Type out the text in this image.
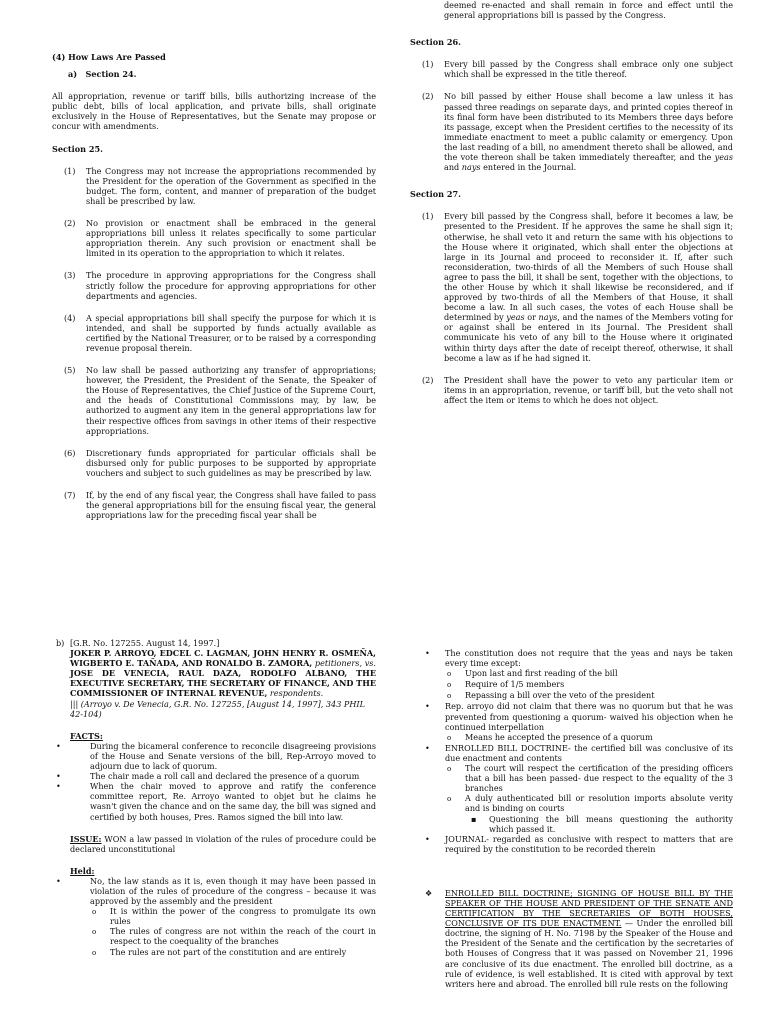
(4) How Laws Are Passed

a)   Section 24.

All appropriation, revenue or tariff bills, bills authorizing increase of the public debt, bills of local application, and private bills, shall originate exclusively in the House of Representatives, but the Senate may propose or concur with amendments.

Section 25.

(1)	The Congress may not increase the appropriations recommended by the President for the operation of the Government as specified in the budget. The form, content, and manner of preparation of the budget shall be prescribed by law.
(2)	No provision or enactment shall be embraced in the general appropriations bill unless it relates specifically to some particular appropriation therein. Any such provision or enactment shall be limited in its operation to the appropriation to which it relates.
(3)	The procedure in approving appropriations for the Congress shall strictly follow the procedure for approving appropriations for other departments and agencies.
(4)	A special appropriations bill shall specify the purpose for which it is intended, and shall be supported by funds actually available as certified by the National Treasurer, or to be raised by a corresponding revenue proposal therein.
(5)	No law shall be passed authorizing any transfer of appropriations; however, the President, the President of the Senate, the Speaker of the House of Representatives, the Chief Justice of the Supreme Court, and the heads of Constitutional Commissions may, by law, be authorized to augment any item in the general appropriations law for their respective offices from savings in other items of their respective appropriations.
(6)	Discretionary funds appropriated for particular officials shall be disbursed only for public purposes to be supported by appropriate vouchers and subject to such guidelines as may be prescribed by law.
(7)	If, by the end of any fiscal year, the Congress shall have failed to pass the general appropriations bill for the ensuing fiscal year, the general appropriations law for the preceding fiscal year shall be

deemed re-enacted and shall remain in force and effect until the general appropriations bill is passed by the Congress.

Section 26.

(1)	Every bill passed by the Congress shall embrace only one subject which shall be expressed in the title thereof.
(2)	No bill passed by either House shall become a law unless it has passed three readings on separate days, and printed copies thereof in its final form have been distributed to its Members three days before its passage, except when the President certifies to the necessity of its immediate enactment to meet a public calamity or emergency. Upon the last reading of a bill, no amendment thereto shall be allowed, and the vote thereon shall be taken immediately thereafter, and the yeas and nays entered in the Journal.

Section 27.

(1)	Every bill passed by the Congress shall, before it becomes a law, be presented to the President. If he approves the same he shall sign it; otherwise, he shall veto it and return the same with his objections to the House where it originated, which shall enter the objections at large in its Journal and proceed to reconsider it. If, after such reconsideration, two-thirds of all the Members of such House shall agree to pass the bill, it shall be sent, together with the objections, to the other House by which it shall likewise be reconsidered, and if approved by two-thirds of all the Members of that House, it shall become a law. In all such cases, the votes of each House shall be determined by yeas or nays, and the names of the Members voting for or against shall be entered in its Journal. The President shall communicate his veto of any bill to the House where it originated within thirty days after the date of receipt thereof, otherwise, it shall become a law as if he had signed it.
(2)	The President shall have the power to veto any particular item or items in an appropriation, revenue, or tariff bill, but the veto shall not affect the item or items to which he does not object.
b) [G.R. No. 127255. August 14, 1997.]

JOKER P. ARROYO, EDCEL C. LAGMAN, JOHN HENRY R. OSMEÑA, WIGBERTO E. TAÑADA, AND RONALDO B. ZAMORA, petitioners, vs. JOSE DE VENECIA, RAUL DAZA, RODOLFO ALBANO, THE EXECUTIVE SECRETARY, THE SECRETARY OF FINANCE, AND THE COMMISSIONER OF INTERNAL REVENUE, respondents.

||| (Arroyo v. De Venecia, G.R. No. 127255, [August 14, 1997], 343 PHIL 42-104)

FACTS:

•
During the bicameral conference to reconcile disagreeing provisions of the House and Senate versions of the bill, Rep-Arroyo moved to adjourn due to lack of quorum.
•
The chair made a roll call and declared the presence of a quorum
•
When the chair moved to approve and ratify the conference committee report, Re. Arroyo wanted to objet but he claims he wasn't given the chance and on the same day, the bill was signed and certified by both houses, Pres. Ramos signed the bill into law.

ISSUE: WON a law passed in violation of the rules of procedure could be declared unconstitutional

Held:

•
No, the law stands as it is, even though it may have been passed in violation of the rules of procedure of the congress – because it was approved by the assembly and the president
o
It is within the power of the congress to promulgate its own rules
o
The rules of congress are not within the reach of the court in respect to the coequality of the branches
o
The rules are not part of the constitution and are entirely
•
The constitution does not require that the yeas and nays be taken every time except:
o
Upon last and first reading of the bill
o
Require of 1/5 members
o
Repassing a bill over the veto of the president
•
Rep. arroyo did not claim that there was no quorum but that he was prevented from questioning a quorum- waived his objection when he continued interpellation
o
Means he accepted the presence of a quorum
•
ENROLLED BILL DOCTRINE- the certified bill was conclusive of its due enactment and contents
o
The court will respect the certification of the presiding officers that a bill has been passed- due respect to the equality of the 3 branches
o
A duly authenticated bill or resolution imports absolute verity and is binding on courts
▪
Questioning the bill means questioning the authority which passed it.
•
JOURNAL- regarded as conclusive with respect to matters that are required by the constitution to be recorded therein
❖
ENROLLED BILL DOCTRINE; SIGNING OF HOUSE BILL BY THE SPEAKER OF THE HOUSE AND PRESIDENT OF THE SENATE AND CERTIFICATION BY THE SECRETARIES OF BOTH HOUSES, CONCLUSIVE OF ITS DUE ENACTMENT. — Under the enrolled bill doctrine, the signing of H. No. 7198 by the Speaker of the House and the President of the Senate and the certification by the secretaries of both Houses of Congress that it was passed on November 21, 1996 are conclusive of its due enactment. The enrolled bill doctrine, as a rule of evidence, is well established. It is cited with approval by text writers here and abroad. The enrolled bill rule rests on the following
